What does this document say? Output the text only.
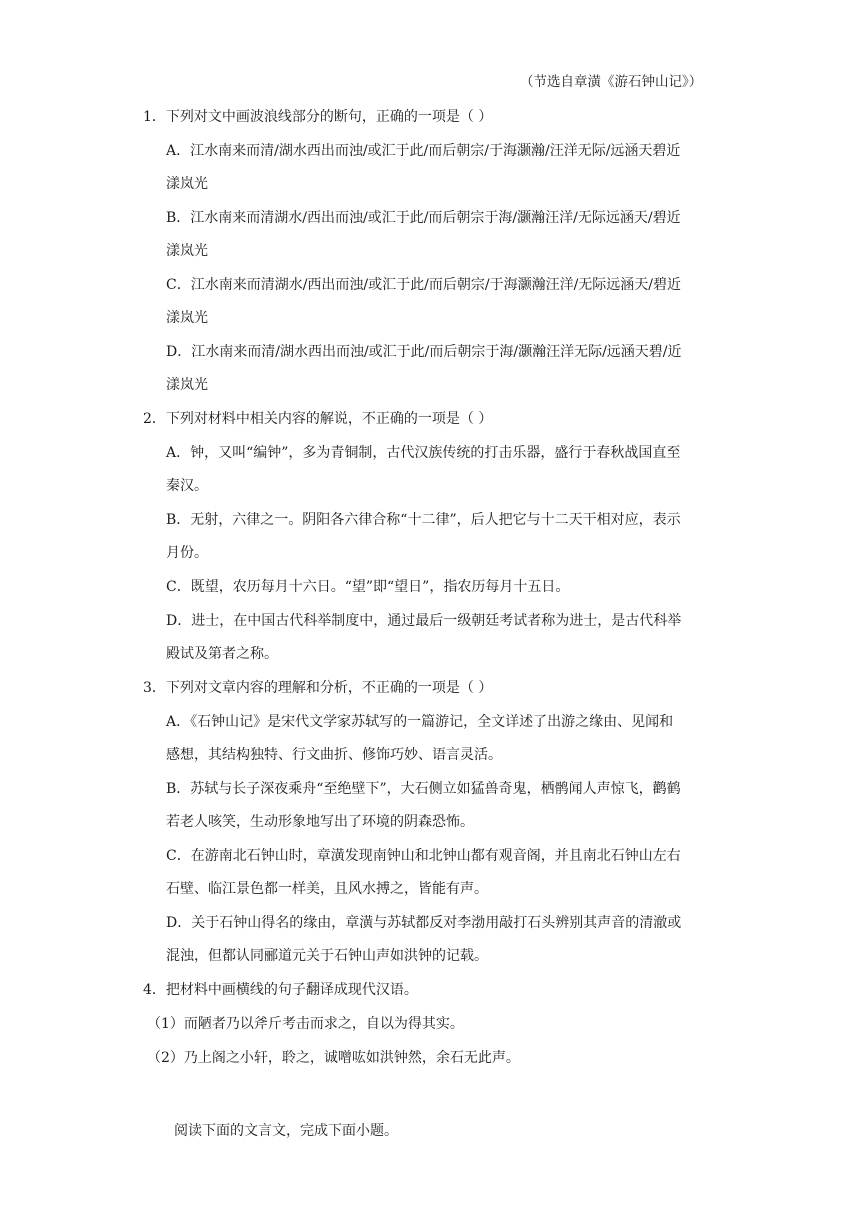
（节选自章潢《游石钟山记》）
1．下列对文中画波浪线部分的断句，正确的一项是（ ）
A．江水南来而清/湖水西出而浊/或汇于此/而后朝宗/于海灏瀚/汪洋无际/远涵天碧近
漾岚光
B．江水南来而清湖水/西出而浊/或汇于此/而后朝宗于海/灏瀚汪洋/无际远涵天/碧近
漾岚光
C．江水南来而清湖水/西出而浊/或汇于此/而后朝宗/于海灏瀚汪洋/无际远涵天/碧近
漾岚光
D．江水南来而清/湖水西出而浊/或汇于此/而后朝宗于海/灏瀚汪洋无际/远涵天碧/近
漾岚光
2．下列对材料中相关内容的解说，不正确的一项是（ ）
A．钟，又叫“编钟”，多为青铜制，古代汉族传统的打击乐器，盛行于春秋战国直至
秦汉。
B．无射，六律之一。阴阳各六律合称“十二律”，后人把它与十二天干相对应，表示
月份。
C．既望，农历每月十六日。“望”即“望日”，指农历每月十五日。
D．进士，在中国古代科举制度中，通过最后一级朝廷考试者称为进士，是古代科举
殿试及第者之称。
3．下列对文章内容的理解和分析，不正确的一项是（ ）
A．《石钟山记》是宋代文学家苏轼写的一篇游记，全文详述了出游之缘由、见闻和
感想，其结构独特、行文曲折、修饰巧妙、语言灵活。
B．苏轼与长子深夜乘舟“至绝壁下”，大石侧立如猛兽奇鬼，栖鹘闻人声惊飞，鹳鹤
若老人咳笑，生动形象地写出了环境的阴森恐怖。
C．在游南北石钟山时，章潢发现南钟山和北钟山都有观音阁，并且南北石钟山左右
石壁、临江景色都一样美，且风水搏之，皆能有声。
D．关于石钟山得名的缘由，章潢与苏轼都反对李渤用敲打石头辨别其声音的清澈或
混浊，但都认同郦道元关于石钟山声如洪钟的记载。
4．把材料中画横线的句子翻译成现代汉语。
（1）而陋者乃以斧斤考击而求之，自以为得其实。
（2）乃上阁之小轩，聆之，诚噌吰如洪钟然，余石无此声。
阅读下面的文言文，完成下面小题。
